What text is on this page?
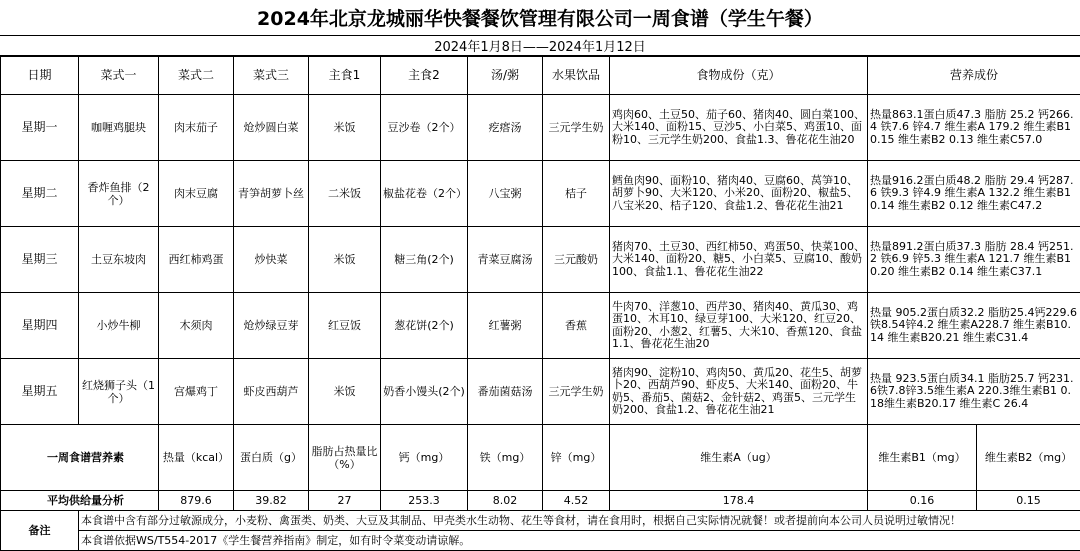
2024年北京龙城丽华快餐餐饮管理有限公司一周食谱（学生午餐）
2024年1月8日——2024年1月12日
日期	菜式一	菜式二	菜式三	主食1	主食2	汤/粥	水果饮品	食物成份（克）	营养成份		
星期一	咖喱鸡腿块	肉末茄子	炝炒圆白菜	米饭	豆沙卷（2个）	疙瘩汤	三元学生奶	鸡肉60、土豆50、茄子60、猪肉40、圆白菜100、大米140、面粉15、豆沙5、小白菜5、鸡蛋10、面粉10、三元学生奶200、食盐1.3、鲁花花生油20	热量863.1蛋白质47.3 脂肪 25.2 钙266.4 铁7.6 锌4.7 维生素A 179.2 维生素B1 0.15 维生素B2 0.13 维生素C57.0		
星期二	香炸鱼排（2个）	肉末豆腐	青笋胡萝卜丝	二米饭	椒盐花卷（2个）	八宝粥	桔子	鳕鱼肉90、面粉10、猪肉40、豆腐60、莴笋10、胡萝卜90、大米120、小米20、面粉20、椒盐5、八宝米20、桔子120、食盐1.2、鲁花花生油21	热量916.2蛋白质48.2 脂肪 29.4 钙287.6 铁9.3 锌4.9 维生素A 132.2 维生素B1 0.14 维生素B2 0.12 维生素C47.2		
星期三	土豆东坡肉	西红柿鸡蛋	炒快菜	米饭	糖三角(2个)	青菜豆腐汤	三元酸奶	猪肉70、土豆30、西红柿50、鸡蛋50、快菜100、大米140、面粉20、糖5、小白菜5、豆腐10、酸奶100、食盐1.1、鲁花花生油22	热量891.2蛋白质37.3 脂肪 28.4 钙251.2 铁6.9 锌5.3 维生素A 121.7 维生素B1 0.20 维生素B2 0.14 维生素C37.1		
星期四	小炒牛柳	木须肉	炝炒绿豆芽	红豆饭	葱花饼(2个)	红薯粥	香蕉	牛肉70、洋葱10、西芹30、猪肉40、黄瓜30、鸡蛋10、木耳10、绿豆芽100、大米120、红豆20、面粉20、小葱2、红薯5、大米10、香蕉120、食盐1.1、鲁花花生油20	热量 905.2蛋白质32.2 脂肪25.4钙229.6铁8.54锌4.2 维生素A228.7 维生素B10.14 维生素B20.21 维生素C31.4		
星期五	红烧狮子头（1个）	宫爆鸡丁	虾皮西葫芦	米饭	奶香小馒头(2个)	番茄菌菇汤	三元学生奶	猪肉90、淀粉10、鸡肉50、黄瓜20、花生5、胡萝卜20、西葫芦90、虾皮5、大米140、面粉20、牛奶5、番茄5、菌菇2、金针菇2、鸡蛋5、三元学生奶200、食盐1.2、鲁花花生油21	热量 923.5蛋白质34.1 脂肪25.7 钙231.6铁7.8锌3.5维生素A 220.3维生素B1 0.18维生素B20.17 维生素C 26.4		
一周食谱营养素		热量（kcal）	蛋白质（g）	脂肪占热量比（%）	钙（mg）	铁（mg）	锌（mg）	维生素A（ug）	维生素B1（mg）	维生素B2（mg）	
平均供给量分析		879.6	39.82	27	253.3	8.02	4.52	178.4	0.16	0.15	
备注	本食谱中含有部分过敏源成分，小麦粉、禽蛋类、奶类、大豆及其制品、甲壳类水生动物、花生等食材，请在食用时，根据自己实际情况就餐！或者提前向本公司人员说明过敏情况！										
	本食谱依据WS/T554-2017《学生餐营养指南》制定，如有时令菜变动请谅解。										
